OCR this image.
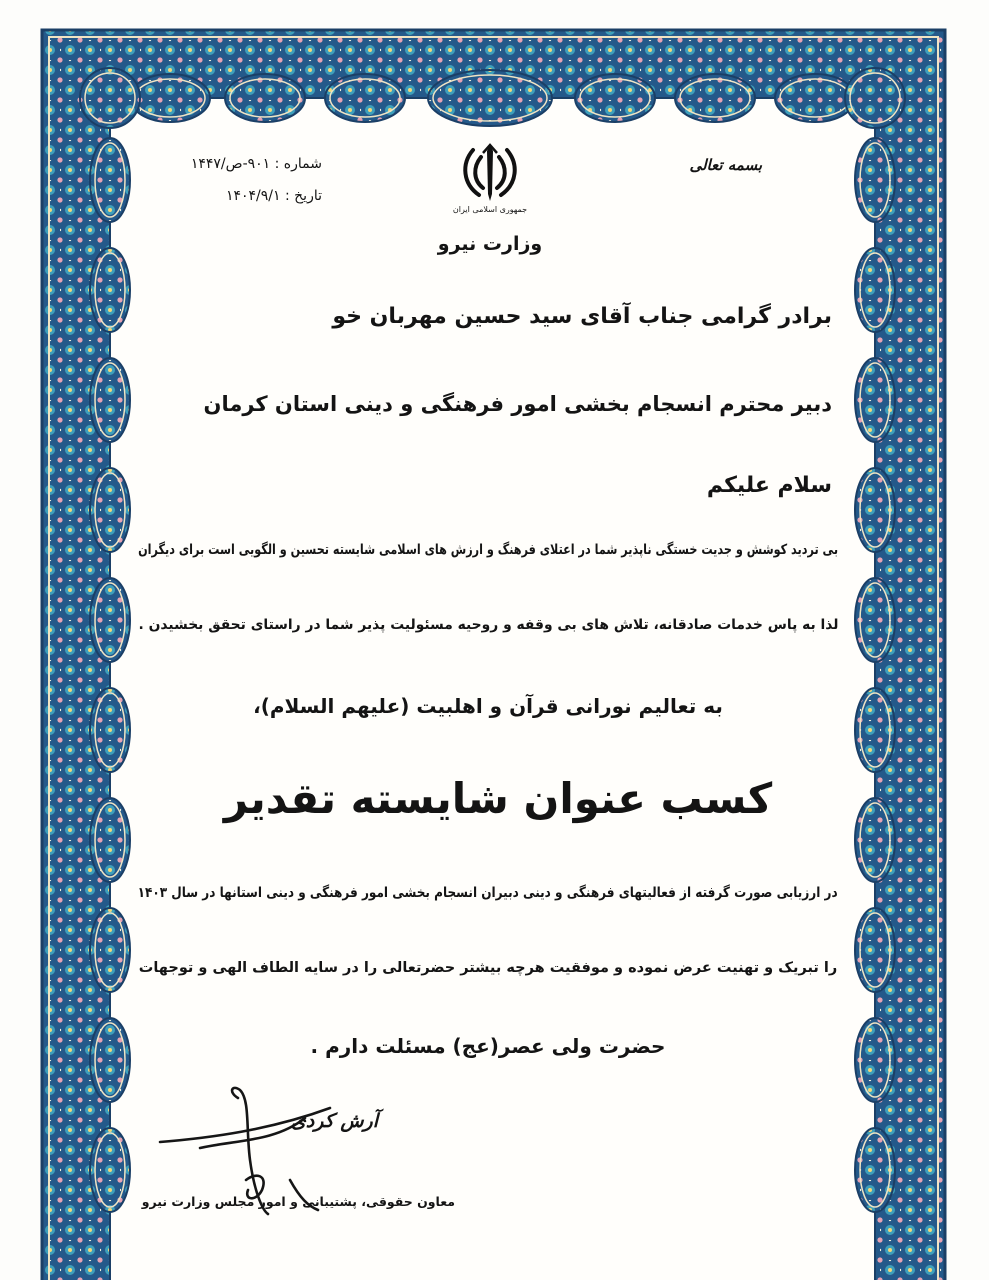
بسمه تعالی
شماره : ۹۰۱-ص/۱۴۴۷
تاریخ : ۱۴۰۴/۹/۱
جمهوری اسلامی ایران
وزارت نیرو
برادر گرامی جناب آقای سید حسین مهربان خو
دبیر محترم انسجام بخشی امور فرهنگی و دینی استان کرمان
سلام علیکم
بی تردید کوشش و جدیت خستگی ناپذیر شما در اعتلای فرهنگ و ارزش های اسلامی شایسته تحسین و الگویی است برای دیگران
لذا به پاس خدمات صادقانه، تلاش های بی وقفه و روحیه مسئولیت پذیر شما در راستای تحقق بخشیدن .
به تعالیم نورانی قرآن و اهلبیت (علیهم السلام)،
کسب عنوان شایسته تقدیر
در ارزیابی صورت گرفته از فعالیتهای فرهنگی و دینی دبیران انسجام بخشی امور فرهنگی و دینی استانها در سال ۱۴۰۳
را تبریک و تهنیت عرض نموده و موفقیت هرچه بیشتر حضرتعالی را در سایه الطاف الهی و توجهات
حضرت ولی عصر(عج) مسئلت دارم .
آرش کردی
معاون حقوقی، پشتیبانی و امور مجلس وزارت نیرو
